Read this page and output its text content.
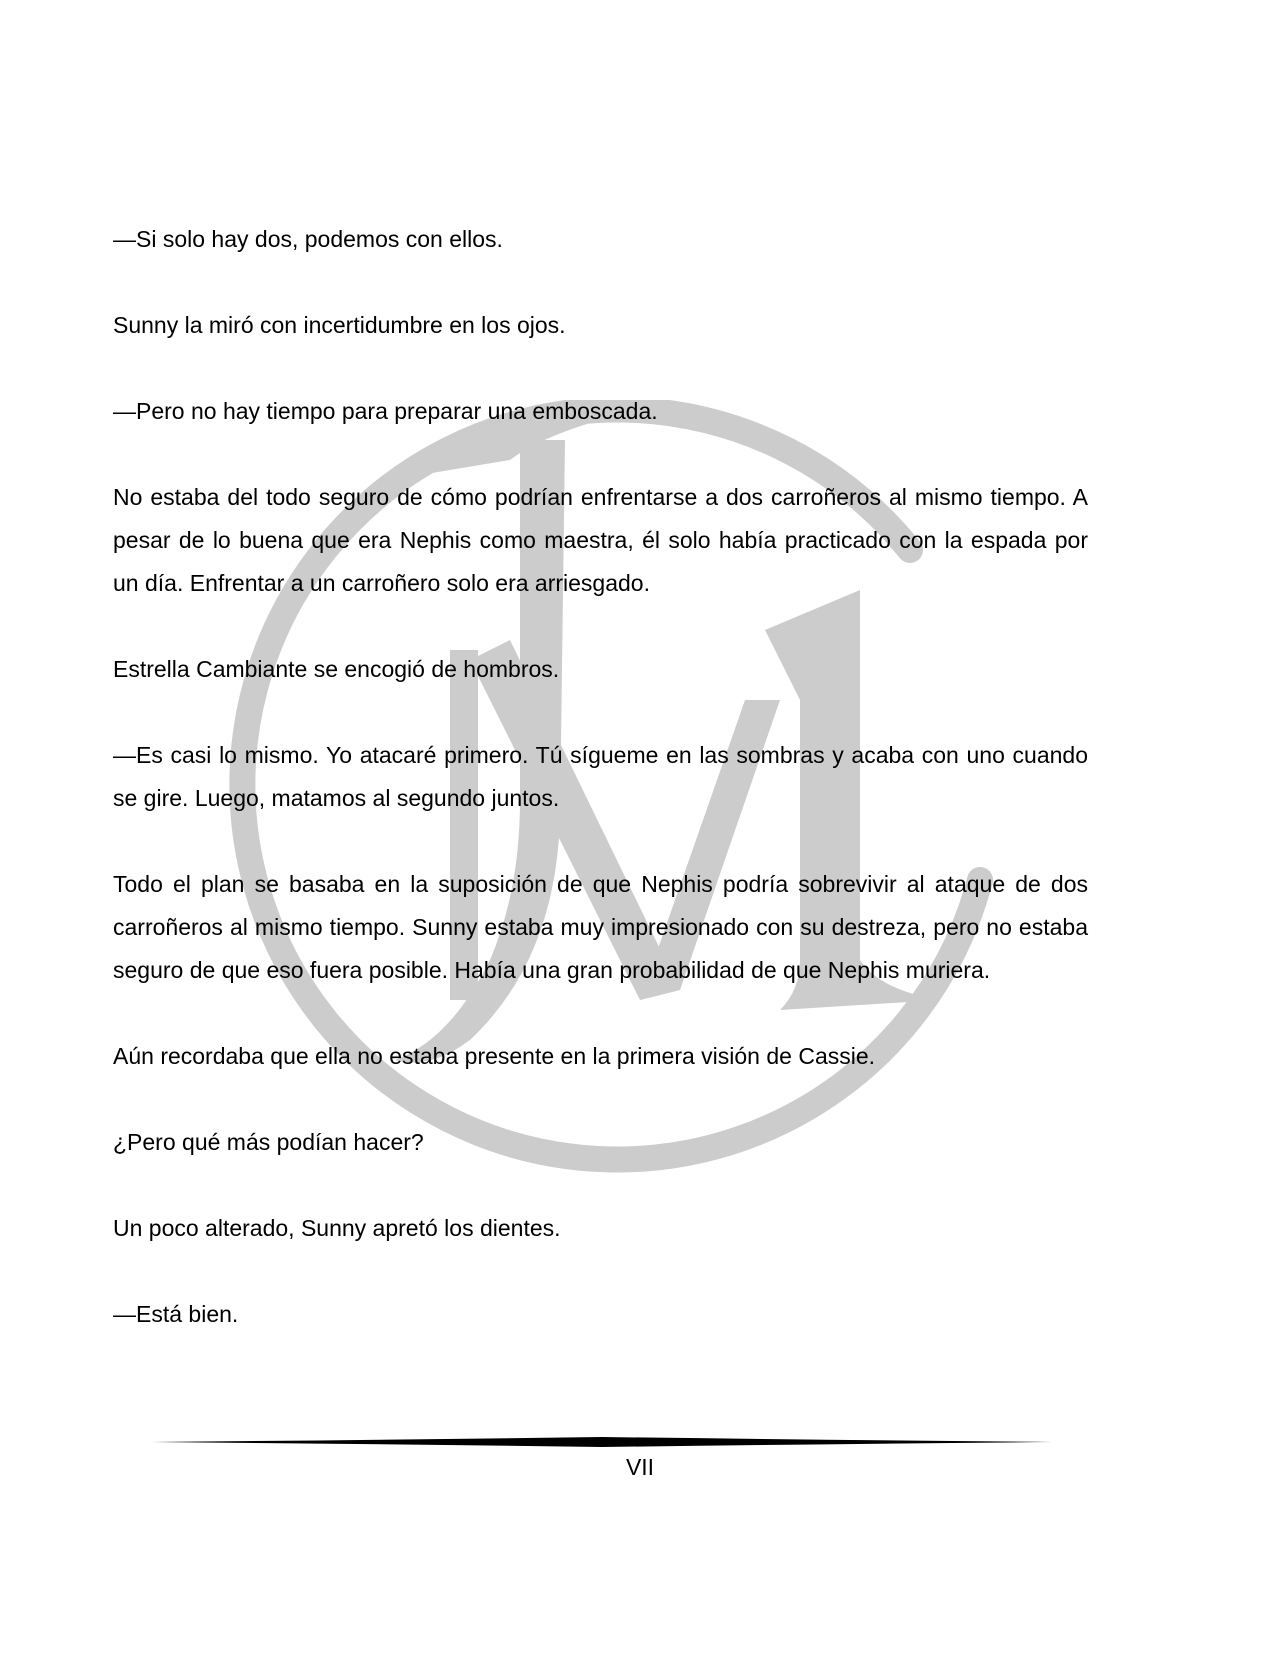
—Si solo hay dos, podemos con ellos.

Sunny la miró con incertidumbre en los ojos.

—Pero no hay tiempo para preparar una emboscada.

No estaba del todo seguro de cómo podrían enfrentarse a dos carroñeros al mismo tiempo. A pesar de lo buena que era Nephis como maestra, él solo había practicado con la espada por un día. Enfrentar a un carroñero solo era arriesgado.

Estrella Cambiante se encogió de hombros.

—Es casi lo mismo. Yo atacaré primero. Tú sígueme en las sombras y acaba con uno cuando se gire. Luego, matamos al segundo juntos.

Todo el plan se basaba en la suposición de que Nephis podría sobrevivir al ataque de dos carroñeros al mismo tiempo. Sunny estaba muy impresionado con su destreza, pero no estaba seguro de que eso fuera posible. Había una gran probabilidad de que Nephis muriera.

Aún recordaba que ella no estaba presente en la primera visión de Cassie.

¿Pero qué más podían hacer?

Un poco alterado, Sunny apretó los dientes.

—Está bien.

VII
